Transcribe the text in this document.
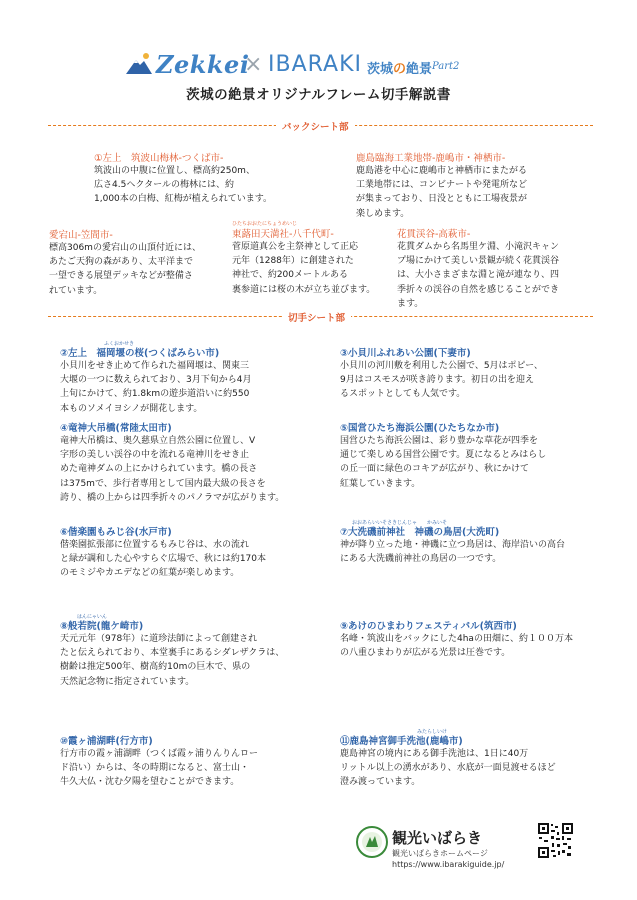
Zekkei
× IBARAKI 茨城の絶景 Part2
茨城の絶景オリジナルフレーム切手解説書
バックシート部
①左上　筑波山梅林-つくば市-
筑波山の中腹に位置し、標高約250m、
広さ4.5ヘクタールの梅林には、約
1,000本の白梅、紅梅が植えられています。
鹿島臨海工業地帯-鹿嶋市・神栖市-
鹿島港を中心に鹿嶋市と神栖市にまたがる
工業地帯には、コンビナートや発電所など
が集まっており、日没とともに工場夜景が
楽しめます。
愛宕山-笠間市-
標高306mの愛宕山の山頂付近には、
あたご天狗の森があり、太平洋まで
一望できる展望デッキなどが整備さ
れています。
ひたちおおたにちょうめいじ
東蕗田天満社-八千代町-
菅原道真公を主祭神として正応
元年（1288年）に創建された
神社で、約200メートルある
裏参道には桜の木が立ち並びます。
花貫渓谷-高萩市-
花貫ダムから名馬里ケ淵、小滝沢キャン
プ場にかけて美しい景観が続く花貫渓谷
は、大小さまざまな淵と滝が連なり、四
季折々の渓谷の自然を感じることができ
ます。
切手シート部
ふくおかせき
②左上　福岡堰の桜(つくばみらい市)
小貝川をせき止めて作られた福岡堰は、関東三
大堰の一つに数えられており、3月下旬から4月
上旬にかけて、約1.8kmの遊歩道沿いに約550
本ものソメイヨシノが開花します。
③小貝川ふれあい公園(下妻市)
小貝川の河川敷を利用した公園で、5月はポピー、
9月はコスモスが咲き誇ります。初日の出を迎え
るスポットとしても人気です。
④竜神大吊橋(常陸太田市)
竜神大吊橋は、奥久慈県立自然公園に位置し、V
字形の美しい渓谷の中を流れる竜神川をせき止
めた竜神ダムの上にかけられています。橋の長さ
は375mで、歩行者専用として国内最大級の長さを
誇り、橋の上からは四季折々のパノラマが広がります。
⑤国営ひたち海浜公園(ひたちなか市)
国営ひたち海浜公園は、彩り豊かな草花が四季を
通じて楽しめる国営公園です。夏になるとみはらし
の丘一面に緑色のコキアが広がり、秋にかけて
紅葉していきます。
⑥偕楽園もみじ谷(水戸市)
偕楽園拡張部に位置するもみじ谷は、水の流れ
と緑が調和した心やすらぐ広場で、秋には約170本
のモミジやカエデなどの紅葉が楽しめます。
おおあらいいそさきじんじゃ　　かみいそ
⑦大洗磯前神社　神磯の鳥居(大洗町)
神が降り立った地・神磯に立つ鳥居は、海岸沿いの高台
にある大洗磯前神社の鳥居の一つです。
はんにゃいん
⑧般若院(龍ケ崎市)
天元元年（978年）に道珍法師によって創建され
たと伝えられており、本堂裏手にあるシダレザクラは、
樹齢は推定500年、樹高約10mの巨木で、県の
天然記念物に指定されています。
⑨あけのひまわりフェスティバル(筑西市)
名峰・筑波山をバックにした4haの田畑に、約１００万本
の八重ひまわりが広がる光景は圧巻です。
⑩霞ヶ浦湖畔(行方市)
行方市の霞ヶ浦湖畔（つくば霞ヶ浦りんりんロー
ド沿い）からは、冬の時期になると、富士山・
牛久大仏・沈む夕陽を望むことができます。
みたらしいけ
⑪鹿島神宮御手洗池(鹿嶋市)
鹿島神宮の境内にある御手洗池は、1日に40万
リットル以上の湧水があり、水底が一面見渡せるほど
澄み渡っています。
観光いばらき
観光いばらきホームページ
https://www.ibarakiguide.jp/
